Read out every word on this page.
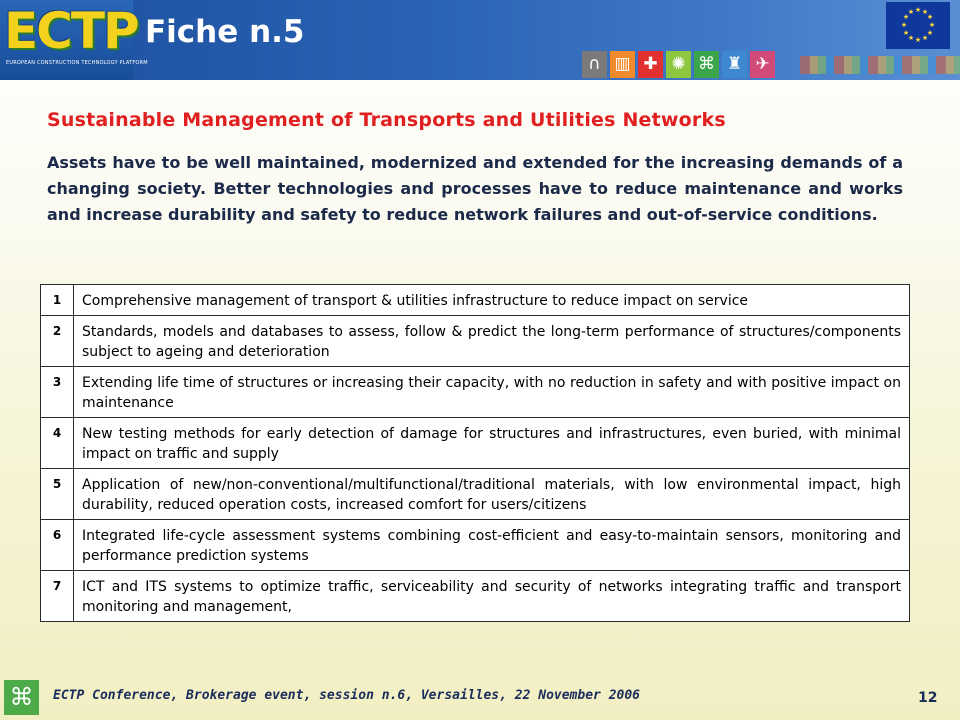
ECTP
EUROPEAN CONSTRUCTION TECHNOLOGY PLATFORM
Fiche n.5
★ ★
★
★
★
★
★
★
★
★
★
★
∩ ▥ ✚ ✺ ⌘ ♜ ✈
Sustainable Management of Transports and Utilities Networks
Assets have to be well maintained, modernized and extended for the increasing demands of a changing society. Better technologies and processes have to reduce maintenance and works and increase durability and safety to reduce network failures and out-of-service conditions.
1	Comprehensive management of transport & utilities infrastructure to reduce impact on service
2	Standards, models and databases to assess, follow & predict the long-term performance of structures/components subject to ageing and deterioration
3	Extending life time of structures or increasing their capacity, with no reduction in safety and with positive impact on maintenance
4	New testing methods for early detection of damage for structures and infrastructures, even buried, with minimal impact on traffic and supply
5	Application of new/non-conventional/multifunctional/traditional materials, with low environmental impact, high durability, reduced operation costs, increased comfort for users/citizens
6	Integrated life-cycle assessment systems combining cost-efficient and easy-to-maintain sensors, monitoring and performance prediction systems
7	ICT and ITS systems to optimize traffic, serviceability and security of networks integrating traffic and transport monitoring and management,
⌘	ECTP Conference, Brokerage event, session n.6, Versailles, 22 November 2006	12
